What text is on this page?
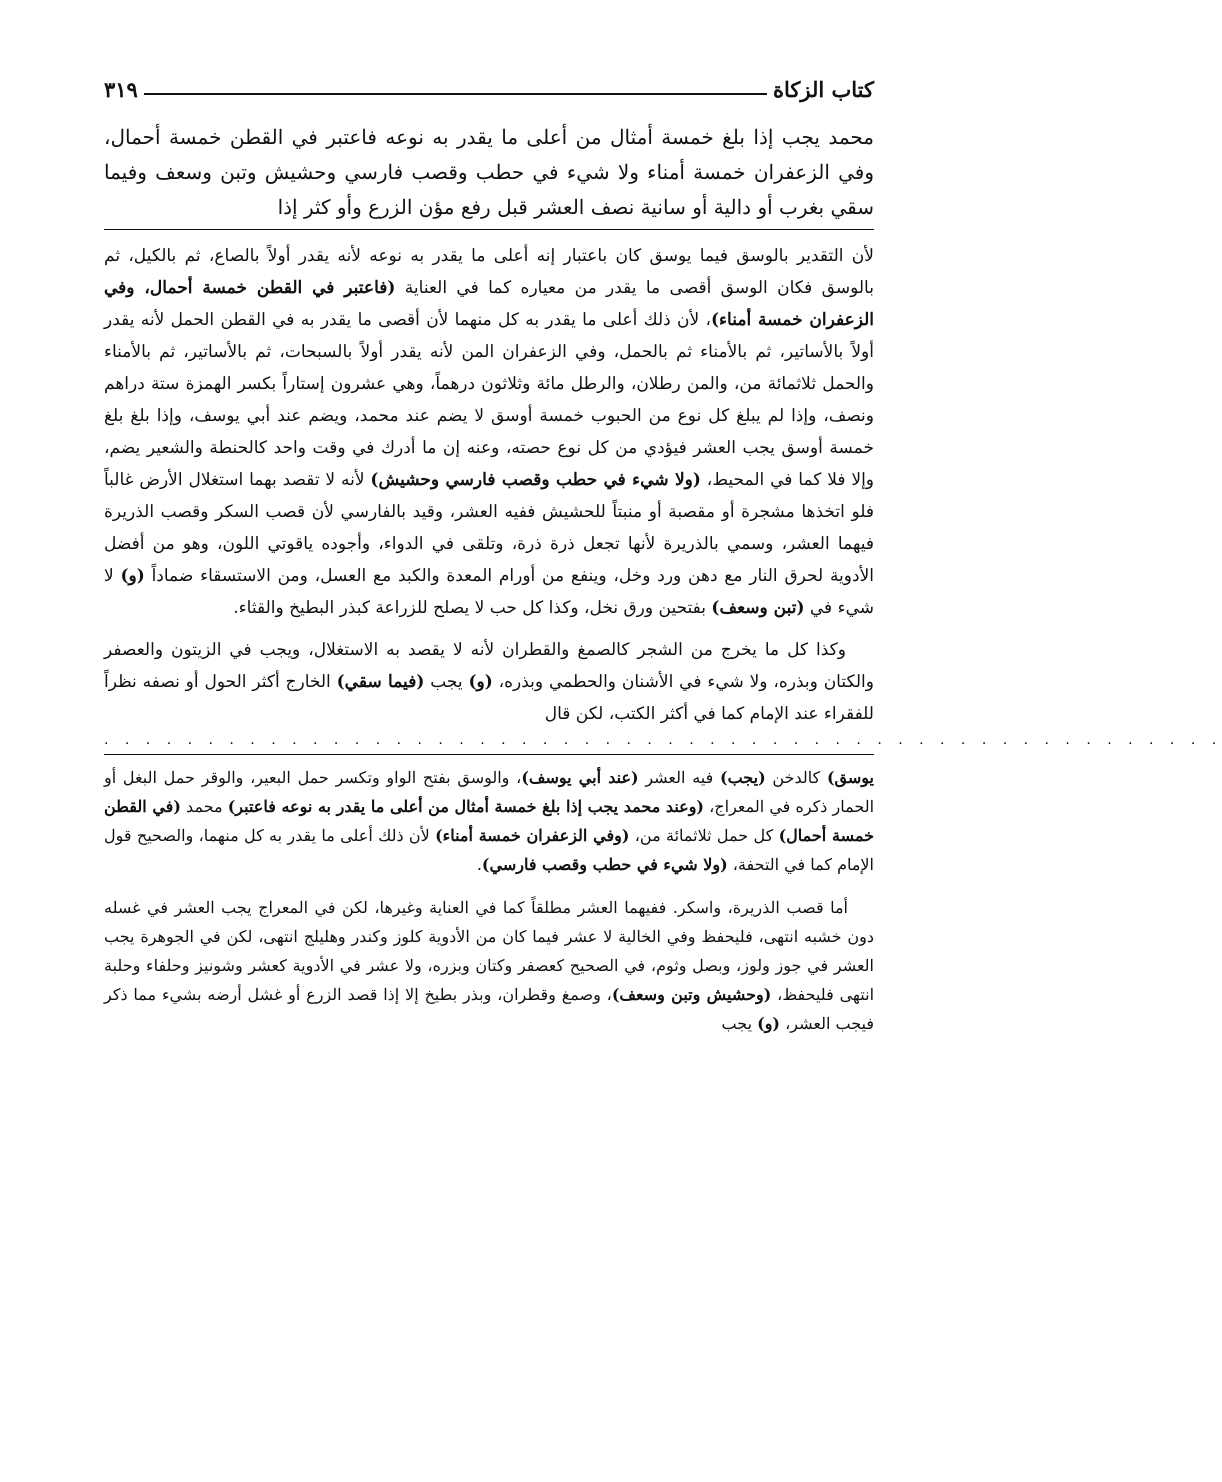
كتاب الزكاة
٣١٩
محمد يجب إذا بلغ خمسة أمثال من أعلى ما يقدر به نوعه فاعتبر في القطن خمسة أحمال، وفي الزعفران خمسة أمناء ولا شيء في حطب وقصب فارسي وحشيش وتبن وسعف وفيما سقي بغرب أو دالية أو سانية نصف العشر قبل رفع مؤن الزرع وأو كثر إذا

لأن التقدير بالوسق فيما يوسق كان باعتبار إنه أعلى ما يقدر به نوعه لأنه يقدر أولاً بالصاع، ثم بالكيل، ثم بالوسق فكان الوسق أقصى ما يقدر من معياره كما في العناية (فاعتبر في القطن خمسة أحمال، وفي الزعفران خمسة أمناء)، لأن ذلك أعلى ما يقدر به كل منهما لأن أقصى ما يقدر به في القطن الحمل لأنه يقدر أولاً بالأساتير، ثم بالأمناء ثم بالحمل، وفي الزعفران المن لأنه يقدر أولاً بالسبحات، ثم بالأساتير، ثم بالأمناء والحمل ثلاثمائة من، والمن رطلان، والرطل مائة وثلاثون درهماً، وهي عشرون إستاراً بكسر الهمزة ستة دراهم ونصف، وإذا لم يبلغ كل نوع من الحبوب خمسة أوسق لا يضم عند محمد، ويضم عند أبي يوسف، وإذا بلغ بلغ خمسة أوسق يجب العشر فيؤدي من كل نوع حصته، وعنه إن ما أدرك في وقت واحد كالحنطة والشعير يضم، وإلا فلا كما في المحيط، (ولا شيء في حطب وقصب فارسي وحشيش) لأنه لا تقصد بهما استغلال الأرض غالباً فلو اتخذها مشجرة أو مقصبة أو منبتاً للحشيش ففيه العشر، وقيد بالفارسي لأن قصب السكر وقصب الذريرة فيهما العشر، وسمي بالذريرة لأنها تجعل ذرة ذرة، وتلقى في الدواء، وأجوده ياقوتي اللون، وهو من أفضل الأدوية لحرق النار مع دهن ورد وخل، وينفع من أورام المعدة والكبد مع العسل، ومن الاستسقاء ضماداً (و) لا شيء في (تبن وسعف) بفتحين ورق نخل، وكذا كل حب لا يصلح للزراعة كبذر البطيخ والقثاء.

وكذا كل ما يخرج من الشجر كالصمغ والقطران لأنه لا يقصد به الاستغلال، ويجب في الزيتون والعصفر والكتان وبذره، ولا شيء في الأشنان والحطمي وبذره، (و) يجب (فيما سقي) الخارج أكثر الحول أو نصفه نظراً للفقراء عند الإمام كما في أكثر الكتب، لكن قال

. . . . . . . . . . . . . . . . . . . . . . . . . . . . . . . . . . . . . . . . . . . . . . . . . . . . . .
يوسق) كالدخن (يجب) فيه العشر (عند أبي يوسف)، والوسق بفتح الواو وتكسر حمل البعير، والوقر حمل البغل أو الحمار ذكره في المعراج، (وعند محمد يجب إذا بلغ خمسة أمثال من أعلى ما يقدر به نوعه فاعتبر) محمد (في القطن خمسة أحمال) كل حمل ثلاثمائة من، (وفي الزعفران خمسة أمناء) لأن ذلك أعلى ما يقدر به كل منهما، والصحيح قول الإمام كما في التحفة، (ولا شيء في حطب وقصب فارسي).
أما قصب الذريرة، واسكر. ففيهما العشر مطلقاً كما في العناية وغيرها، لكن في المعراج يجب العشر في غسله دون خشبه انتهى، فليحفظ وفي الخالية لا عشر فيما كان من الأدوية كلوز وكندر وهليلج انتهى، لكن في الجوهرة يجب العشر في جوز ولوز، وبصل وثوم، في الصحيح كعصفر وكتان وبزره، ولا عشر في الأدوية كعشر وشونيز وحلفاء وحلبة انتهى فليحفظ، (وحشيش وتبن وسعف)، وصمغ وقطران، وبذر بطيخ إلا إذا قصد الزرع أو غشل أرضه بشيء مما ذكر فيجب العشر، (و) يجب
